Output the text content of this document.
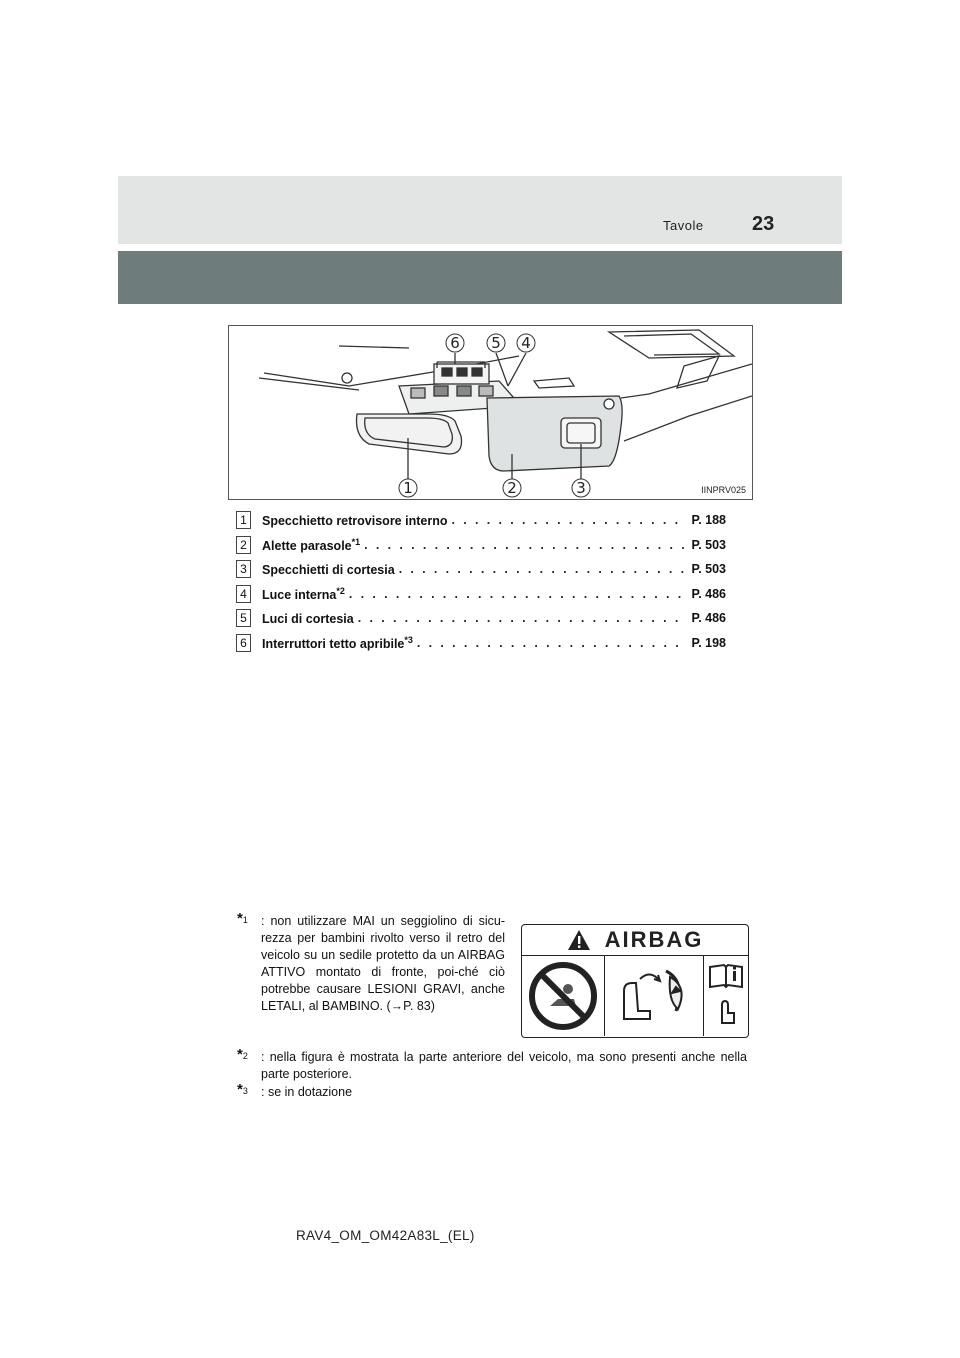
Tavole 23
6 5 4
1	2	3	IINPRV025
1	Specchietto retrovisore interno . . .	P. 188
2	Alette parasole$^{*1}$ . . .	P. 503
3	Specchietti di cortesia . . .	P. 503
4	Luce interna$^{*2}$ . . .	P. 486
5	Luci di cortesia . . .	P. 486
6	Interruttori tetto apribile$^{*3}$ . . .	P. 198
*1 : non utilizzare MAI un seggiolino di sicu-rezza per bambini rivolto verso il retro del veicolo su un sedile protetto da un AIRBAG ATTIVO montato di fronte, poi-ché ciò potrebbe causare LESIONI GRAVI, anche LETALI, al BAMBINO. (→P. 83)
AIRBAG
*2 : nella figura è mostrata la parte anteriore del veicolo, ma sono presenti anche nella parte posteriore.
*3 : se in dotazione
RAV4_OM_OM42A83L_(EL)
